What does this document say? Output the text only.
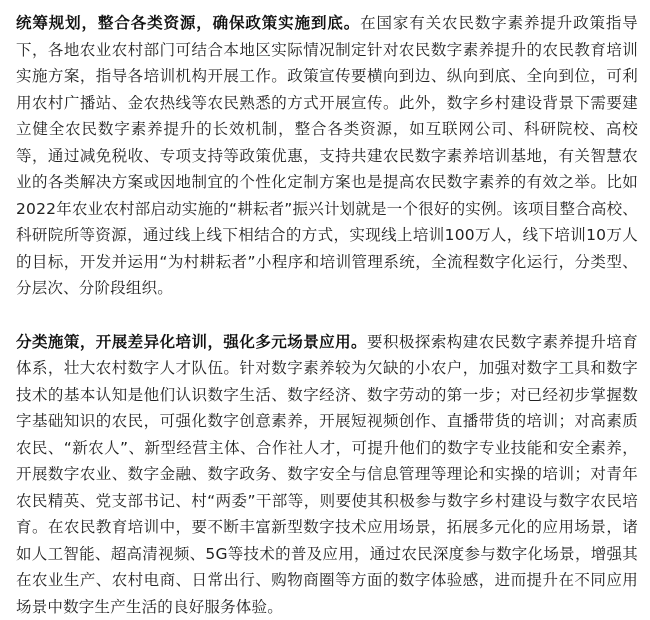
统筹规划，整合各类资源，确保政策实施到底。在国家有关农民数字素养提升政策指导下，各地农业农村部门可结合本地区实际情况制定针对农民数字素养提升的农民教育培训实施方案，指导各培训机构开展工作。政策宣传要横向到边、纵向到底、全向到位，可利用农村广播站、金农热线等农民熟悉的方式开展宣传。此外，数字乡村建设背景下需要建立健全农民数字素养提升的长效机制，整合各类资源，如互联网公司、科研院校、高校等，通过减免税收、专项支持等政策优惠，支持共建农民数字素养培训基地，有关智慧农业的各类解决方案或因地制宜的个性化定制方案也是提高农民数字素养的有效之举。比如2022年农业农村部启动实施的“耕耘者”振兴计划就是一个很好的实例。该项目整合高校、科研院所等资源，通过线上线下相结合的方式，实现线上培训100万人，线下培训10万人的目标，开发并运用“为村耕耘者”小程序和培训管理系统，全流程数字化运行，分类型、分层次、分阶段组织。

分类施策，开展差异化培训，强化多元场景应用。要积极探索构建农民数字素养提升培育体系，壮大农村数字人才队伍。针对数字素养较为欠缺的小农户，加强对数字工具和数字技术的基本认知是他们认识数字生活、数字经济、数字劳动的第一步；对已经初步掌握数字基础知识的农民，可强化数字创意素养，开展短视频创作、直播带货的培训；对高素质农民、“新农人”、新型经营主体、合作社人才，可提升他们的数字专业技能和安全素养，开展数字农业、数字金融、数字政务、数字安全与信息管理等理论和实操的培训；对青年农民精英、党支部书记、村“两委”干部等，则要使其积极参与数字乡村建设与数字农民培育。在农民教育培训中，要不断丰富新型数字技术应用场景，拓展多元化的应用场景，诸如人工智能、超高清视频、5G等技术的普及应用，通过农民深度参与数字化场景，增强其在农业生产、农村电商、日常出行、购物商圈等方面的数字体验感，进而提升在不同应用场景中数字生产生活的良好服务体验。
